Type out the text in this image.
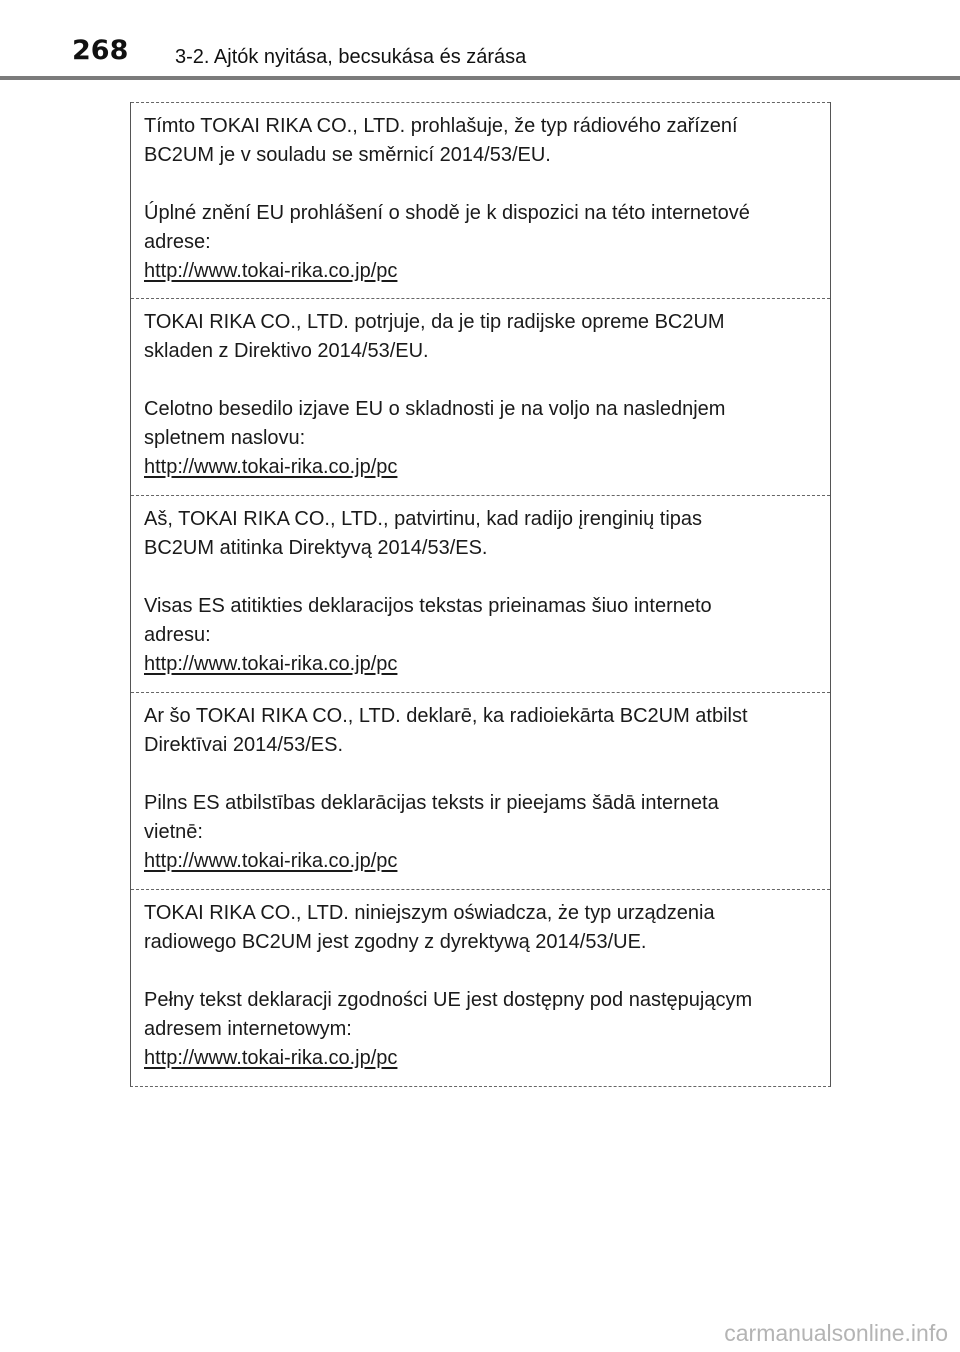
268 3-2. Ajtók nyitása, becsukása és zárása

Tímto TOKAI RIKA CO., LTD. prohlašuje, že typ rádiového zařízení
BC2UM je v souladu se směrnicí 2014/53/EU.

Úplné znění EU prohlášení o shodě je k dispozici na této internetové
adrese:
http://www.tokai-rika.co.jp/pc

TOKAI RIKA CO., LTD. potrjuje, da je tip radijske opreme BC2UM
skladen z Direktivo 2014/53/EU.

Celotno besedilo izjave EU o skladnosti je na voljo na naslednjem
spletnem naslovu:
http://www.tokai-rika.co.jp/pc

Aš, TOKAI RIKA CO., LTD., patvirtinu, kad radijo įrenginių tipas
BC2UM atitinka Direktyvą 2014/53/ES.

Visas ES atitikties deklaracijos tekstas prieinamas šiuo interneto
adresu:
http://www.tokai-rika.co.jp/pc

Ar šo TOKAI RIKA CO., LTD. deklarē, ka radioiekārta BC2UM atbilst
Direktīvai 2014/53/ES.

Pilns ES atbilstības deklarācijas teksts ir pieejams šādā interneta
vietnē:
http://www.tokai-rika.co.jp/pc

TOKAI RIKA CO., LTD. niniejszym oświadcza, że typ urządzenia
radiowego BC2UM jest zgodny z dyrektywą 2014/53/UE.

Pełny tekst deklaracji zgodności UE jest dostępny pod następującym
adresem internetowym:
http://www.tokai-rika.co.jp/pc

carmanualsonline.info
